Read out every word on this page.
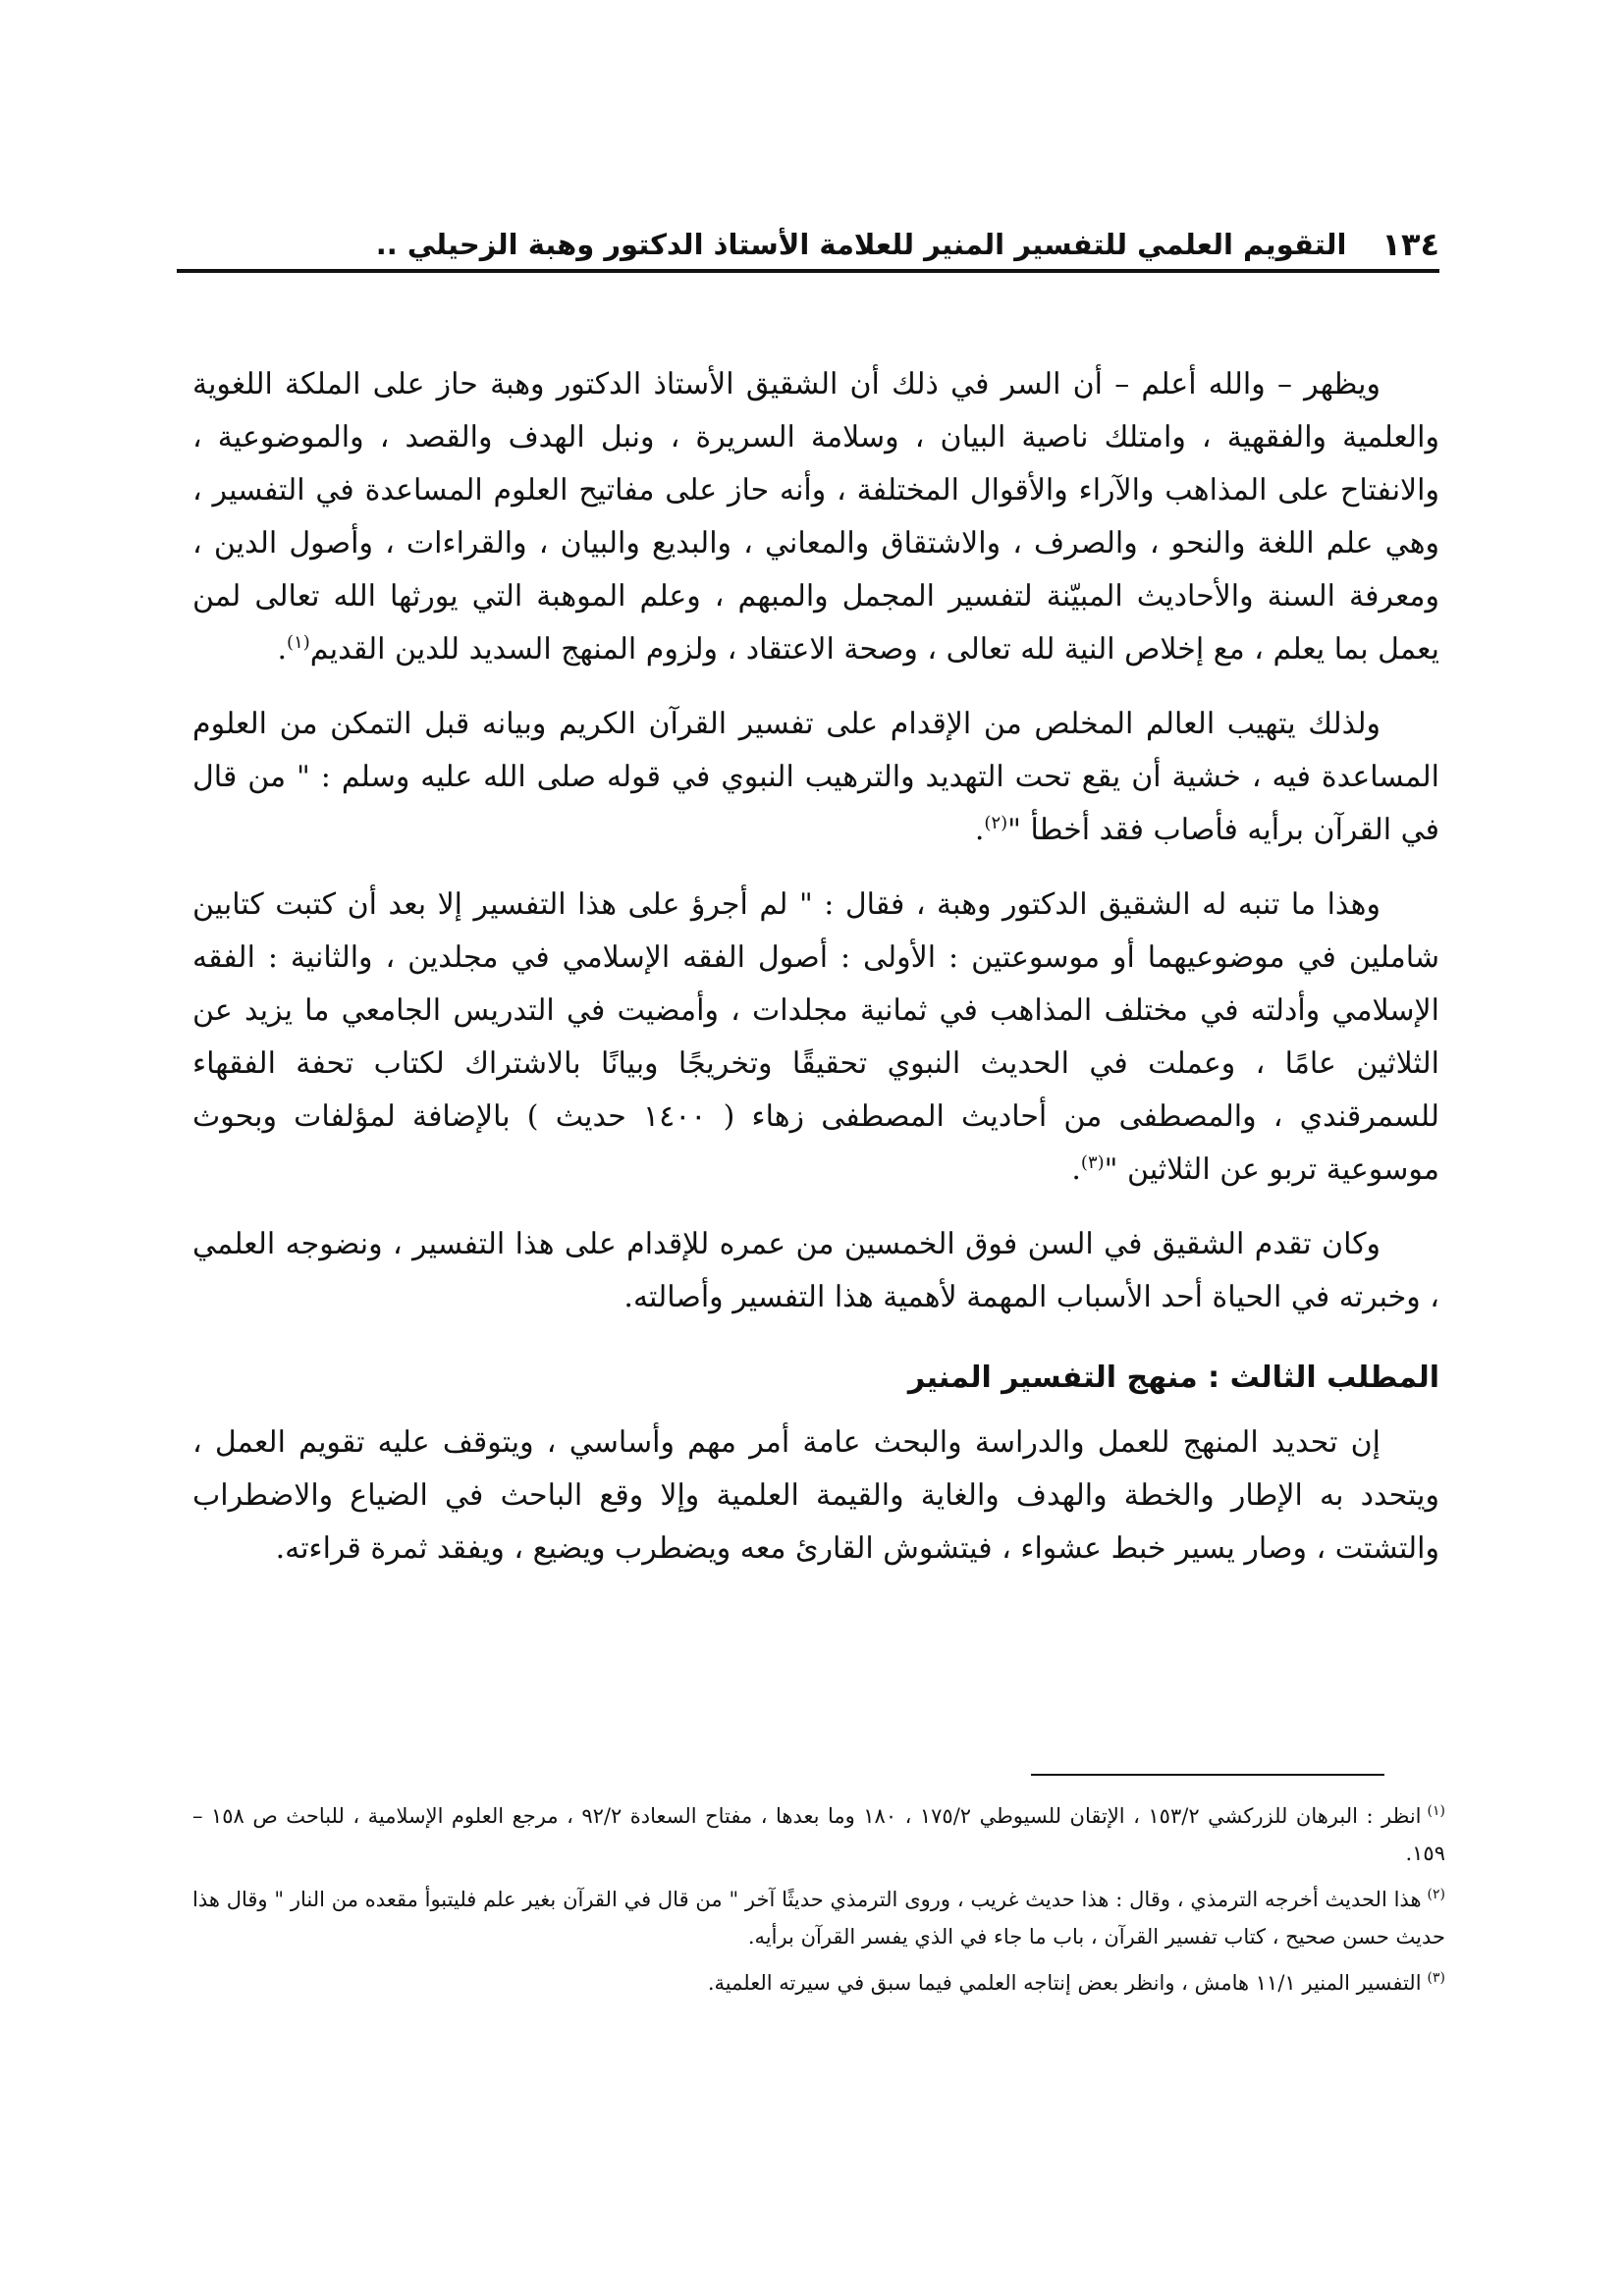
١٣٤
التقويم العلمي للتفسير المنير للعلامة الأستاذ الدكتور وهبة الزحيلي ..

ويظهر – والله أعلم – أن السر في ذلك أن الشقيق الأستاذ الدكتور وهبة حاز على الملكة اللغوية والعلمية والفقهية ، وامتلك ناصية البيان ، وسلامة السريرة ، ونبل الهدف والقصد ، والموضوعية ، والانفتاح على المذاهب والآراء والأقوال المختلفة ، وأنه حاز على مفاتيح العلوم المساعدة في التفسير ، وهي علم اللغة والنحو ، والصرف ، والاشتقاق والمعاني ، والبديع والبيان ، والقراءات ، وأصول الدين ، ومعرفة السنة والأحاديث المبيّنة لتفسير المجمل والمبهم ، وعلم الموهبة التي يورثها الله تعالى لمن يعمل بما يعلم ، مع إخلاص النية لله تعالى ، وصحة الاعتقاد ، ولزوم المنهج السديد للدين القديم$^{(١)}$.

ولذلك يتهيب العالم المخلص من الإقدام على تفسير القرآن الكريم وبيانه قبل التمكن من العلوم المساعدة فيه ، خشية أن يقع تحت التهديد والترهيب النبوي في قوله صلى الله عليه وسلم : " من قال في القرآن برأيه فأصاب فقد أخطأ "$^{(٢)}$.

وهذا ما تنبه له الشقيق الدكتور وهبة ، فقال : " لم أجرؤ على هذا التفسير إلا بعد أن كتبت كتابين شاملين في موضوعيهما أو موسوعتين : الأولى : أصول الفقه الإسلامي في مجلدين ، والثانية : الفقه الإسلامي وأدلته في مختلف المذاهب في ثمانية مجلدات ، وأمضيت في التدريس الجامعي ما يزيد عن الثلاثين عامًا ، وعملت في الحديث النبوي تحقيقًا وتخريجًا وبيانًا بالاشتراك لكتاب تحفة الفقهاء للسمرقندي ، والمصطفى من أحاديث المصطفى زهاء ( ١٤٠٠ حديث ) بالإضافة لمؤلفات وبحوث موسوعية تربو عن الثلاثين "$^{(٣)}$.

وكان تقدم الشقيق في السن فوق الخمسين من عمره للإقدام على هذا التفسير ، ونضوجه العلمي ، وخبرته في الحياة أحد الأسباب المهمة لأهمية هذا التفسير وأصالته.

المطلب الثالث : منهج التفسير المنير

إن تحديد المنهج للعمل والدراسة والبحث عامة أمر مهم وأساسي ، ويتوقف عليه تقويم العمل ، ويتحدد به الإطار والخطة والهدف والغاية والقيمة العلمية وإلا وقع الباحث في الضياع والاضطراب والتشتت ، وصار يسير خبط عشواء ، فيتشوش القارئ معه ويضطرب ويضيع ، ويفقد ثمرة قراءته.

$^{(١)}$انظر : البرهان للزركشي ١٥٣/٢ ، الإتقان للسيوطي ١٧٥/٢ ، ١٨٠ وما بعدها ، مفتاح السعادة ٩٢/٢ ، مرجع العلوم الإسلامية ، للباحث ص ١٥٨ – ١٥٩.

$^{(٢)}$هذا الحديث أخرجه الترمذي ، وقال : هذا حديث غريب ، وروى الترمذي حديثًا آخر " من قال في القرآن بغير علم فليتبوأ مقعده من النار " وقال هذا حديث حسن صحيح ، كتاب تفسير القرآن ، باب ما جاء في الذي يفسر القرآن برأيه.

$^{(٣)}$التفسير المنير ١١/١ هامش ، وانظر بعض إنتاجه العلمي فيما سبق في سيرته العلمية.
